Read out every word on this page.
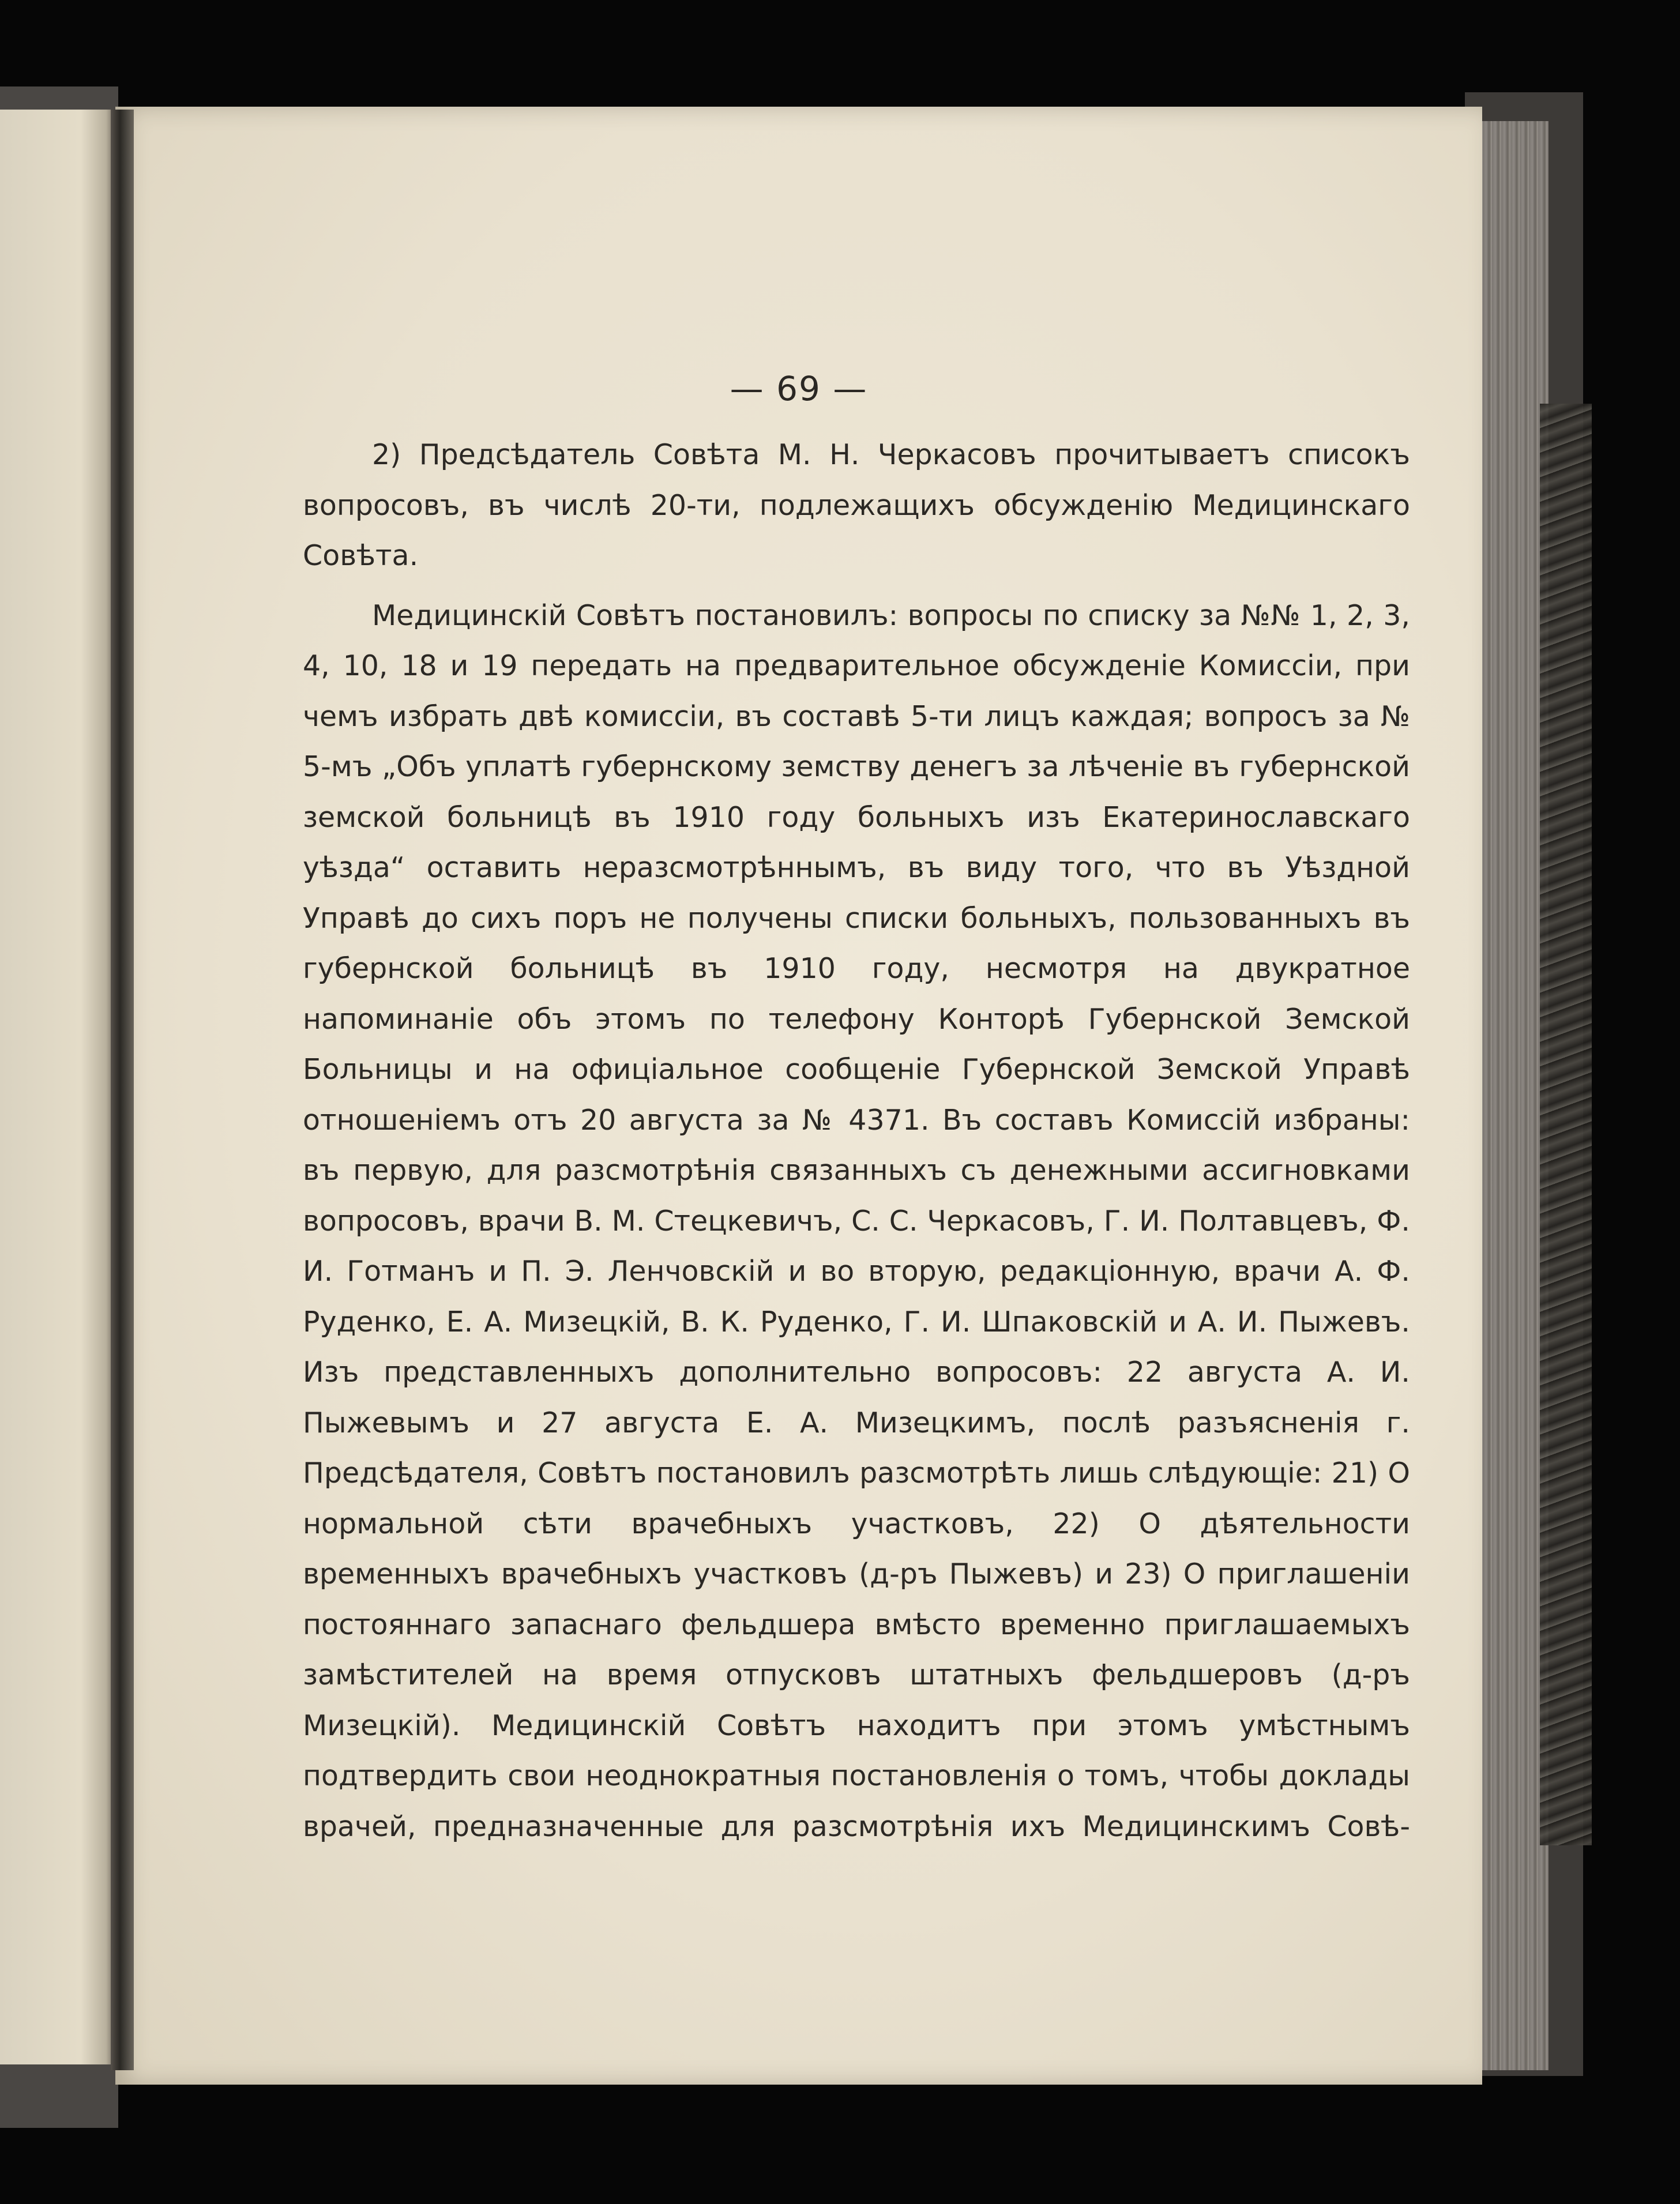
— 69 —

2) Предсѣдатель Совѣта М. Н. Черкасовъ прочитываетъ списокъ вопросовъ, въ числѣ 20-ти, подлежащихъ обсужденію Медицинскаго Совѣта.

Медицинскій Совѣтъ постановилъ: вопросы по списку за №№ 1, 2, 3, 4, 10, 18 и 19 передать на предварительное обсужденіе Комиссіи, при чемъ избрать двѣ комиссіи, въ составѣ 5-ти лицъ каждая; вопросъ за № 5-мъ „Объ уплатѣ губернскому земству денегъ за лѣченіе въ губернской земской больницѣ въ 1910 году больныхъ изъ Екатеринославскаго уѣзда“ оставить неразсмотрѣннымъ, въ виду того, что въ Уѣздной Управѣ до сихъ поръ не получены списки больныхъ, пользованныхъ въ губернской больницѣ въ 1910 году, несмотря на двукратное напоминаніе объ этомъ по телефону Конторѣ Губернской Земской Больницы и на офиціальное сообщеніе Губернской Земской Управѣ отношеніемъ отъ 20 августа за № 4371. Въ составъ Комиссій избраны: въ первую, для разсмотрѣнія связанныхъ съ денежными ассигновками вопросовъ, врачи В. М. Стецкевичъ, С. С. Черкасовъ, Г. И. Полтавцевъ, Ф. И. Готманъ и П. Э. Ленчовскій и во вторую, редакціонную, врачи А. Ф. Руденко, Е. А. Мизецкій, В. К. Руденко, Г. И. Шпаковскій и А. И. Пыжевъ. Изъ представленныхъ дополнительно вопросовъ: 22 августа А. И. Пыжевымъ и 27 августа Е. А. Мизецкимъ, послѣ разъясненія г. Предсѣдателя, Совѣтъ постановилъ разсмотрѣть лишь слѣдующіе: 21) О нормальной сѣти врачебныхъ участковъ, 22) О дѣятельности временныхъ врачебныхъ участковъ (д-ръ Пыжевъ) и 23) О приглашеніи постояннаго запаснаго фельдшера вмѣсто временно приглашаемыхъ замѣстителей на время отпусковъ штатныхъ фельдшеровъ (д-ръ Мизецкій). Медицинскій Совѣтъ находитъ при этомъ умѣстнымъ подтвердить свои неоднократныя постановленія о томъ, чтобы доклады врачей, предназначенные для разсмотрѣнія ихъ Медицинскимъ Совѣ-
